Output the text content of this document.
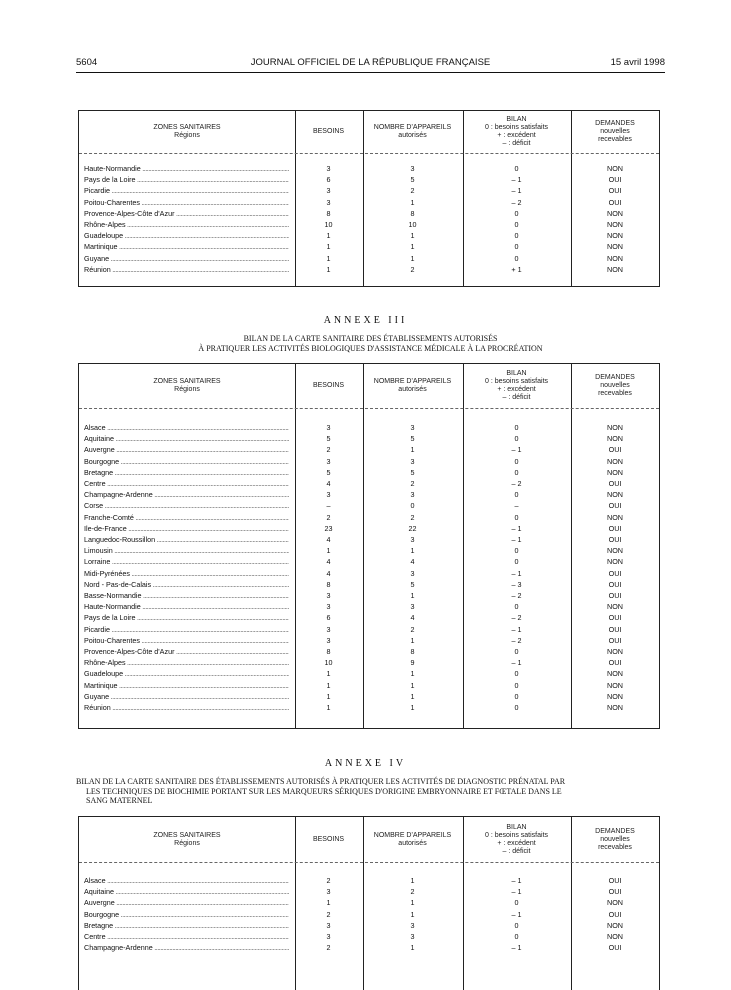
5604	JOURNAL OFFICIEL DE LA RÉPUBLIQUE FRANÇAISE	15 avril 1998
ZONES SANITAIRES
Régions
BESOINS
NOMBRE D'APPAREILS
autorisés
BILAN
0 : besoins satisfaits
+ : excédent
– : déficit
DEMANDES
nouvelles
recevables
Haute-Normandie .....	3	3	0	NON
Pays de la Loire .....	6	5	– 1	OUI
Picardie .....	3	2	– 1	OUI
Poitou-Charentes .....	3	1	– 2	OUI
Provence-Alpes-Côte d'Azur .....	8	8	0	NON
Rhône-Alpes .....	10	10	0	NON
Guadeloupe .....	1	1	0	NON
Martinique .....	1	1	0	NON
Guyane .....	1	1	0	NON
Réunion .....	1	2	+ 1	NON
ANNEXE III
BILAN DE LA CARTE SANITAIRE DES ÉTABLISSEMENTS AUTORISÉS
À PRATIQUER LES ACTIVITÉS BIOLOGIQUES D'ASSISTANCE MÉDICALE À LA PROCRÉATION
ZONES SANITAIRES
Régions
BESOINS
NOMBRE D'APPAREILS
autorisés
BILAN
0 : besoins satisfaits
+ : excédent
– : déficit
DEMANDES
nouvelles
recevables
Alsace .....	3	3	0	NON
Aquitaine .....	5	5	0	NON
Auvergne .....	2	1	– 1	OUI
Bourgogne .....	3	3	0	NON
Bretagne .....	5	5	0	NON
Centre .....	4	2	– 2	OUI
Champagne-Ardenne .....	3	3	0	NON
Corse .....	–	0	–	OUI
Franche-Comté .....	2	2	0	NON
Ile-de-France .....	23	22	– 1	OUI
Languedoc-Roussillon .....	4	3	– 1	OUI
Limousin .....	1	1	0	NON
Lorraine .....	4	4	0	NON
Midi-Pyrénées .....	4	3	– 1	OUI
Nord - Pas-de-Calais .....	8	5	– 3	OUI
Basse-Normandie .....	3	1	– 2	OUI
Haute-Normandie .....	3	3	0	NON
Pays de la Loire .....	6	4	– 2	OUI
Picardie .....	3	2	– 1	OUI
Poitou-Charentes .....	3	1	– 2	OUI
Provence-Alpes-Côte d'Azur .....	8	8	0	NON
Rhône-Alpes .....	10	9	– 1	OUI
Guadeloupe .....	1	1	0	NON
Martinique .....	1	1	0	NON
Guyane .....	1	1	0	NON
Réunion .....	1	1	0	NON
ANNEXE IV
BILAN DE LA CARTE SANITAIRE DES ÉTABLISSEMENTS AUTORISÉS À PRATIQUER LES ACTIVITÉS DE DIAGNOSTIC PRÉNATAL PAR
LES TECHNIQUES DE BIOCHIMIE PORTANT SUR LES MARQUEURS SÉRIQUES D'ORIGINE EMBRYONNAIRE ET FŒTALE DANS LE
SANG MATERNEL
ZONES SANITAIRES
Régions
BESOINS
NOMBRE D'APPAREILS
autorisés
BILAN
0 : besoins satisfaits
+ : excédent
– : déficit
DEMANDES
nouvelles
recevables
Alsace .....	2	1	– 1	OUI
Aquitaine .....	3	2	– 1	OUI
Auvergne .....	1	1	0	NON
Bourgogne .....	2	1	– 1	OUI
Bretagne .....	3	3	0	NON
Centre .....	3	3	0	NON
Champagne-Ardenne .....	2	1	– 1	OUI
